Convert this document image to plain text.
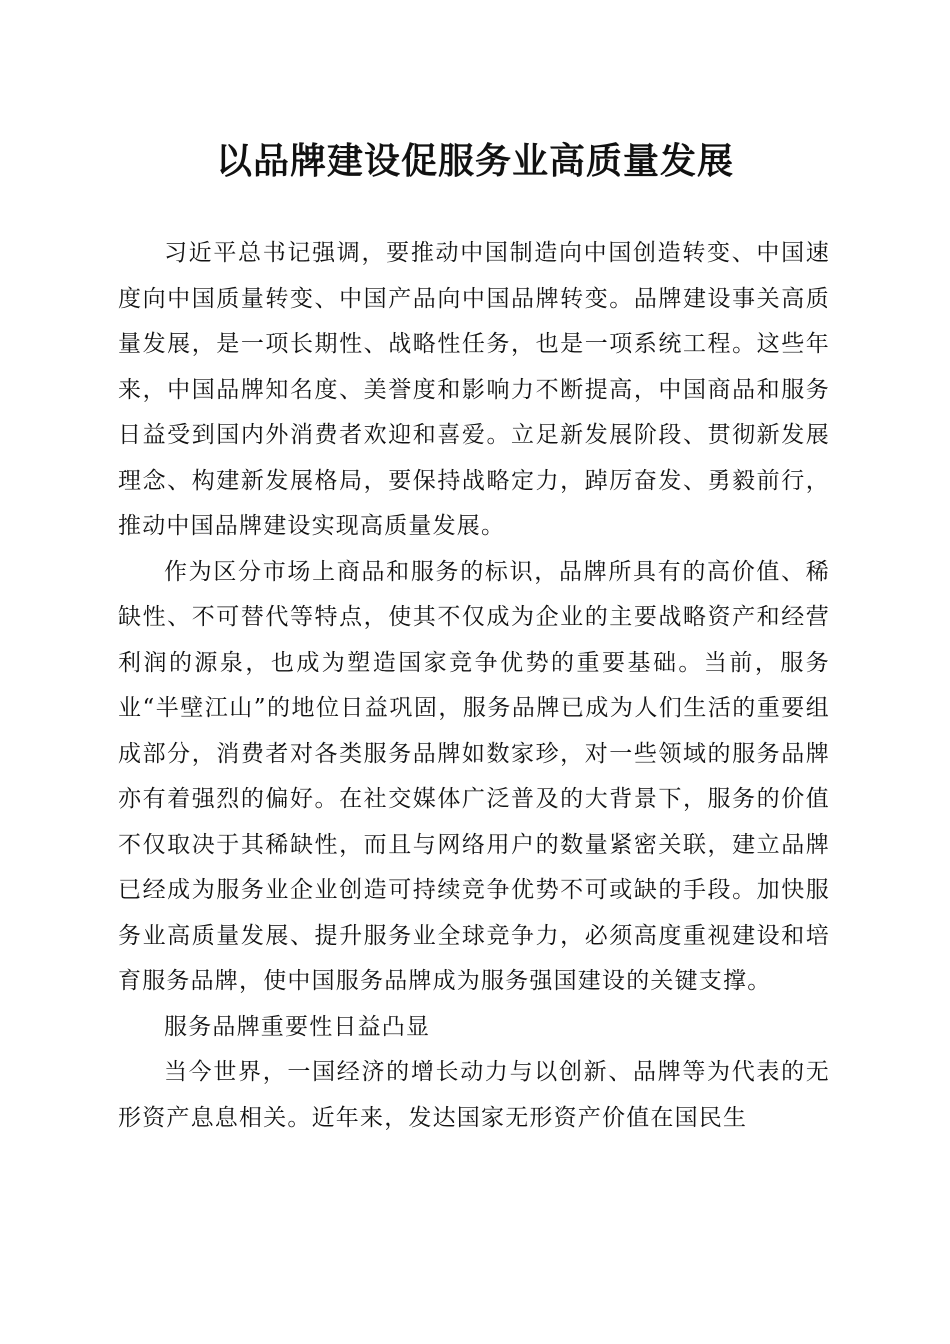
以品牌建设促服务业高质量发展

习近平总书记强调，要推动中国制造向中国创造转变、中国速度向中国质量转变、中国产品向中国品牌转变。品牌建设事关高质量发展，是一项长期性、战略性任务，也是一项系统工程。这些年来，中国品牌知名度、美誉度和影响力不断提高，中国商品和服务日益受到国内外消费者欢迎和喜爱。立足新发展阶段、贯彻新发展理念、构建新发展格局，要保持战略定力，踔厉奋发、勇毅前行，推动中国品牌建设实现高质量发展。

作为区分市场上商品和服务的标识，品牌所具有的高价值、稀缺性、不可替代等特点，使其不仅成为企业的主要战略资产和经营利润的源泉，也成为塑造国家竞争优势的重要基础。当前，服务业“半壁江山”的地位日益巩固，服务品牌已成为人们生活的重要组成部分，消费者对各类服务品牌如数家珍，对一些领域的服务品牌亦有着强烈的偏好。在社交媒体广泛普及的大背景下，服务的价值不仅取决于其稀缺性，而且与网络用户的数量紧密关联，建立品牌已经成为服务业企业创造可持续竞争优势不可或缺的手段。加快服务业高质量发展、提升服务业全球竞争力，必须高度重视建设和培育服务品牌，使中国服务品牌成为服务强国建设的关键支撑。

服务品牌重要性日益凸显

当今世界，一国经济的增长动力与以创新、品牌等为代表的无形资产息息相关。近年来，发达国家无形资产价值在国民生
